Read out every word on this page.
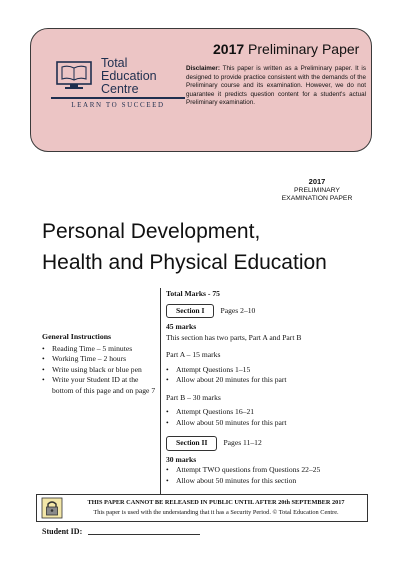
Total
Education
Centre
LEARN TO SUCCEED
2017 Preliminary Paper
Disclaimer: This paper is written as a Preliminary paper. It is designed to provide practice consistent with the demands of the Preliminary course and its examination. However, we do not guarantee it predicts question content for a student's actual Preliminary examination.
2017
PRELIMINARY
EXAMINATION PAPER
Personal Development,
Health and Physical Education
General Instructions
• Reading Time – 5 minutes
• Working Time – 2 hours
• Write using black or blue pen
• Write your Student ID at the bottom of this page and on page 7
Total Marks - 75
Section I	Pages 2–10
45 marks
This section has two parts, Part A and Part B
Part A – 15 marks
• Attempt Questions 1–15
• Allow about 20 minutes for this part
Part B – 30 marks
• Attempt Questions 16–21
• Allow about 50 minutes for this part
Section II	Pages 11–12
30 marks
• Attempt TWO questions from Questions 22–25
• Allow about 50 minutes for this section
THIS PAPER CANNOT BE RELEASED IN PUBLIC UNTIL AFTER 20th SEPTEMBER 2017
This paper is used with the understanding that it has a Security Period. © Total Education Centre.
Student ID:
